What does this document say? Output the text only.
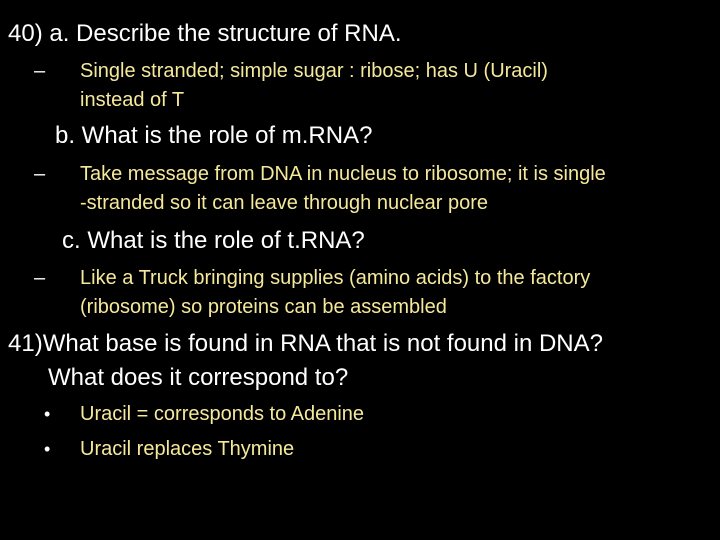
40) a. Describe the structure of RNA.
– Single stranded; simple sugar : ribose; has U (Uracil)
instead of T
b. What is the role of m.RNA?
– Take message from DNA in nucleus to ribosome; it is single
-stranded so it can leave through nuclear pore
c. What is the role of t.RNA?
– Like a Truck bringing supplies (amino acids) to the factory
(ribosome) so proteins can be assembled
41)What base is found in RNA that is not found in DNA?
What does it correspond to?
• Uracil = corresponds to Adenine
• Uracil replaces Thymine
